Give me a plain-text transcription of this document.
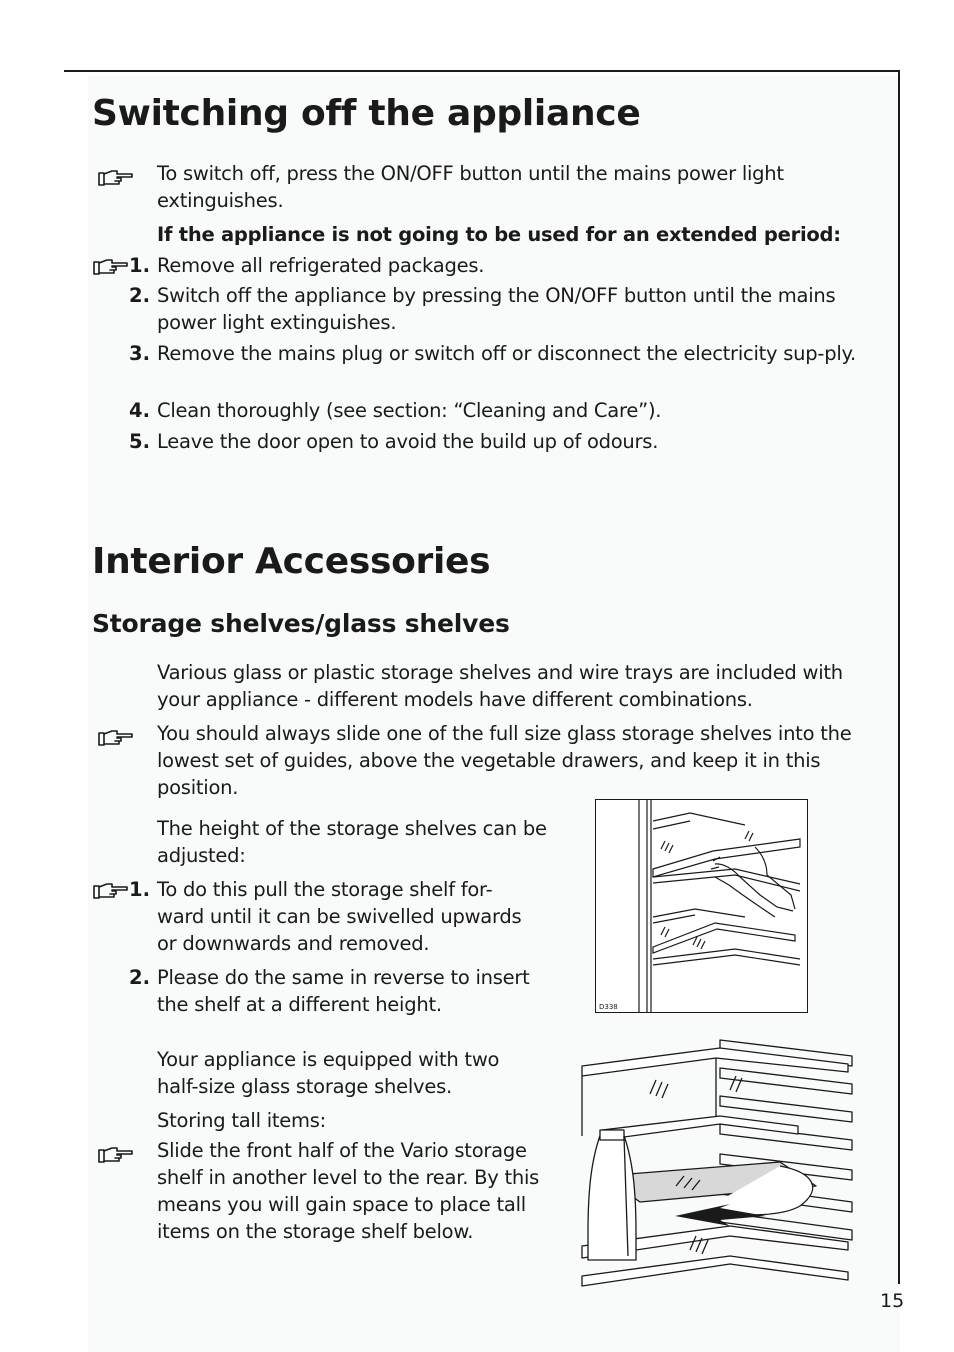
Switching off the appliance

To switch off, press the ON/OFF button until the mains power light extinguishes.

If the appliance is not going to be used for an extended period:

1. Remove all refrigerated packages.

2. Switch off the appliance by pressing the ON/OFF button until the mains power light extinguishes.

3. Remove the mains plug or switch off or disconnect the electricity sup-ply.

4. Clean thoroughly (see section: “Cleaning and Care”).

5. Leave the door open to avoid the build up of odours.

Interior Accessories
Storage shelves/glass shelves

Various glass or plastic storage shelves and wire trays are included with your appliance - different models have different combinations.

You should always slide one of the full size glass storage shelves into the lowest set of guides, above the vegetable drawers, and keep it in this position.

The height of the storage shelves can be adjusted:

1. To do this pull the storage shelf for-ward until it can be swivelled upwards or downwards and removed.

2. Please do the same in reverse to insert the shelf at a different height.

Your appliance is equipped with two half-size glass storage shelves.

Storing tall items:

Slide the front half of the Vario storage shelf in another level to the rear. By this means you will gain space to place tall items on the storage shelf below.

D338
15
